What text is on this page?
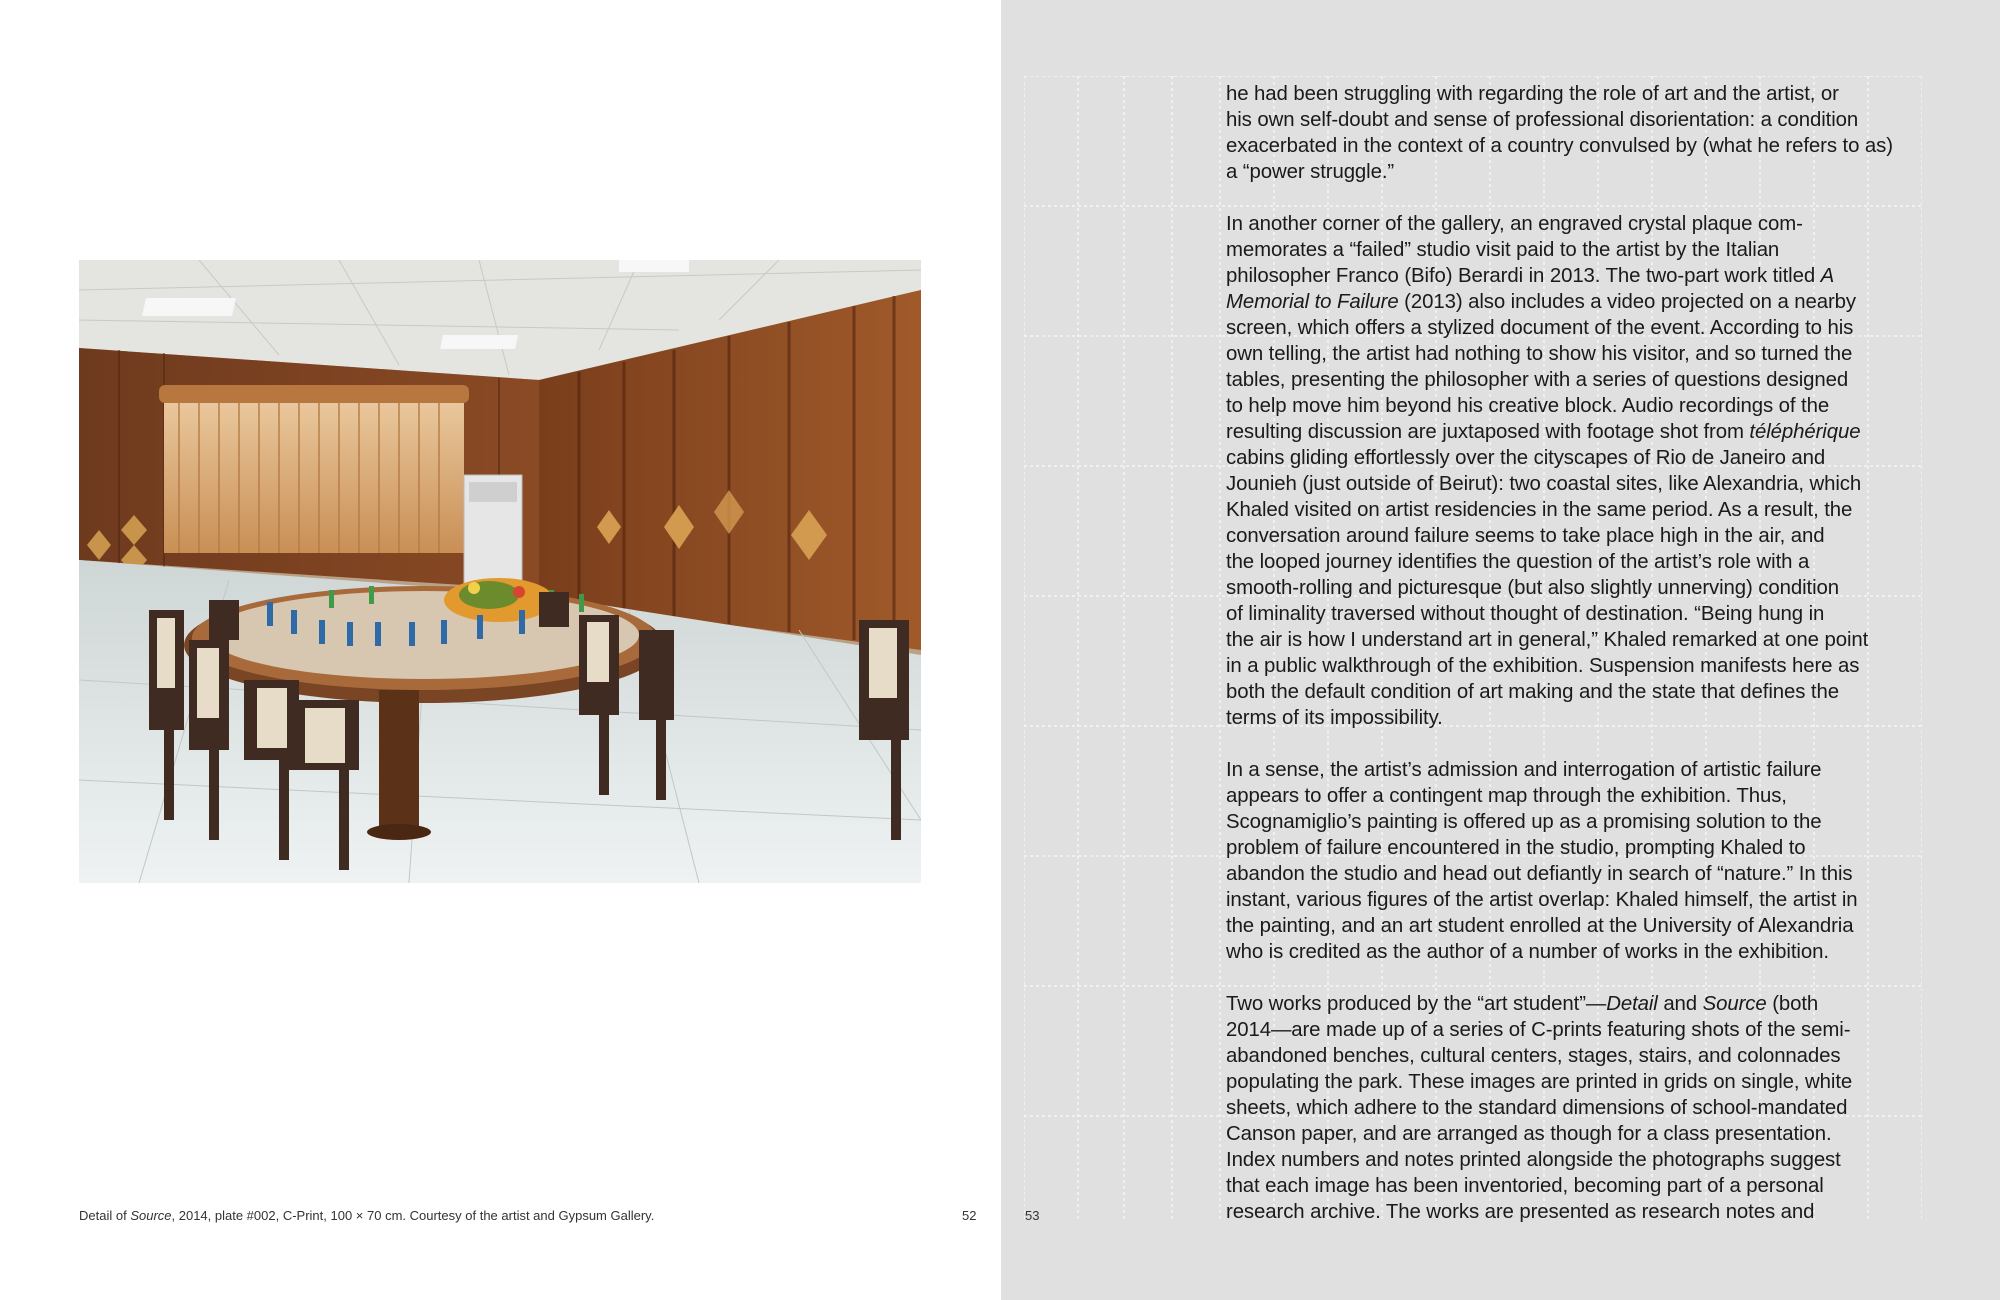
Detail of Source, 2014, plate #002, C-Print, 100 × 70 cm. Courtesy of the artist and Gypsum Gallery.	52	53

he had been struggling with regarding the role of art and the artist, or
his own self-doubt and sense of professional disorientation: a condition
exacerbated in the context of a country convulsed by (what he refers to as)
a “power struggle.”

In another corner of the gallery, an engraved crystal plaque com-
memorates a “failed” studio visit paid to the artist by the Italian
philosopher Franco (Bifo) Berardi in 2013. The two-part work titled A
Memorial to Failure (2013) also includes a video projected on a nearby
screen, which offers a stylized document of the event. According to his
own telling, the artist had nothing to show his visitor, and so turned the
tables, presenting the philosopher with a series of questions designed
to help move him beyond his creative block. Audio recordings of the
resulting discussion are juxtaposed with footage shot from téléphérique
cabins gliding effortlessly over the cityscapes of Rio de Janeiro and
Jounieh (just outside of Beirut): two coastal sites, like Alexandria, which
Khaled visited on artist residencies in the same period. As a result, the
conversation around failure seems to take place high in the air, and
the looped journey identifies the question of the artist’s role with a
smooth-rolling and picturesque (but also slightly unnerving) condition
of liminality traversed without thought of destination. “Being hung in
the air is how I understand art in general,” Khaled remarked at one point
in a public walkthrough of the exhibition. Suspension manifests here as
both the default condition of art making and the state that defines the
terms of its impossibility.

In a sense, the artist’s admission and interrogation of artistic failure
appears to offer a contingent map through the exhibition. Thus,
Scognamiglio’s painting is offered up as a promising solution to the
problem of failure encountered in the studio, prompting Khaled to
abandon the studio and head out defiantly in search of “nature.” In this
instant, various figures of the artist overlap: Khaled himself, the artist in
the painting, and an art student enrolled at the University of Alexandria
who is credited as the author of a number of works in the exhibition.

Two works produced by the “art student”—Detail and Source (both
2014—are made up of a series of C-prints featuring shots of the semi-
abandoned benches, cultural centers, stages, stairs, and colonnades
populating the park. These images are printed in grids on single, white
sheets, which adhere to the standard dimensions of school-mandated
Canson paper, and are arranged as though for a class presentation.
Index numbers and notes printed alongside the photographs suggest
that each image has been inventoried, becoming part of a personal
research archive. The works are presented as research notes and
